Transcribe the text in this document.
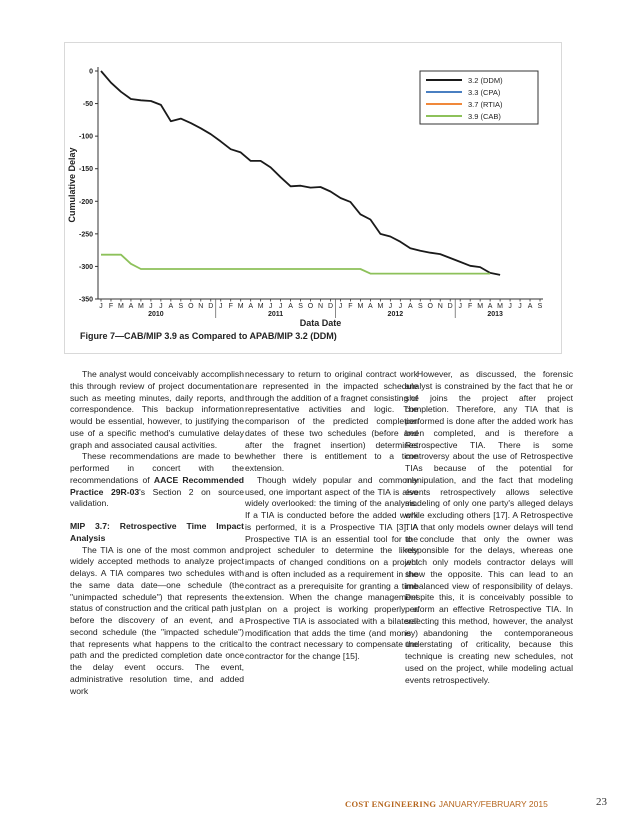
0
-50
-100
-150
-200
-250
-300
-350
J F M A M J J A S O N D J F M A M J J A S O N D J F M A M J J A S O N D J F M A M J J A S
2010	2011	2012	2013
Data Date
Cumulative Delay
3.2 (DDM)
3.3 (CPA)
3.7 (RTIA)
3.9 (CAB)
Figure 7—CAB/MIP 3.9 as Compared to APAB/MIP 3.2 (DDM)

The analyst would conceivably accomplish this through review of project documentation such as meeting minutes, daily reports, and correspondence. This backup information would be essential, however, to justifying the use of a specific method's cumulative delay graph and associated causal activities.

These recommendations are made to be performed in concert with the recommendations of AACE Recommended Practice 29R-03's Section 2 on source validation.

MIP 3.7: Retrospective Time Impact Analysis

The TIA is one of the most common and widely accepted methods to analyze project delays. A TIA compares two schedules with the same data date—one schedule (the "unimpacted schedule") that represents the status of construction and the critical path just before the discovery of an event, and a second schedule (the "impacted schedule") that represents what happens to the critical path and the predicted completion date once the delay event occurs. The event, administrative resolution time, and added work

necessary to return to original contract work are represented in the impacted schedule through the addition of a fragnet consisting of representative activities and logic. The comparison of the predicted completion dates of these two schedules (before and after the fragnet insertion) determines whether there is entitlement to a time extension.

Though widely popular and commonly used, one important aspect of the TIA is also widely overlooked: the timing of the analysis. If a TIA is conducted before the added work is performed, it is a Prospective TIA [3]. A Prospective TIA is an essential tool for the project scheduler to determine the likely impacts of changed conditions on a project and is often included as a requirement in the contract as a prerequisite for granting a time extension. When the change management plan on a project is working properly, a Prospective TIA is associated with a bilateral modification that adds the time (and money) to the contract necessary to compensate the contractor for the change [15].

However, as discussed, the forensic analyst is constrained by the fact that he or she joins the project after project completion. Therefore, any TIA that is performed is done after the added work has been completed, and is therefore a Retrospective TIA. There is some controversy about the use of Retrospective TIAs because of the potential for manipulation, and the fact that modeling events retrospectively allows selective modeling of only one party's alleged delays while excluding others [17]. A Retrospective TIA that only models owner delays will tend to conclude that only the owner was responsible for the delays, whereas one which only models contractor delays will show the opposite. This can lead to an imbalanced view of responsibility of delays. Despite this, it is conceivably possible to perform an effective Retrospective TIA. In selecting this method, however, the analyst is abandoning the contemporaneous understating of criticality, because this technique is creating new schedules, not used on the project, while modeling actual events retrospectively.

COST ENGINEERING JANUARY/FEBRUARY 2015	23
